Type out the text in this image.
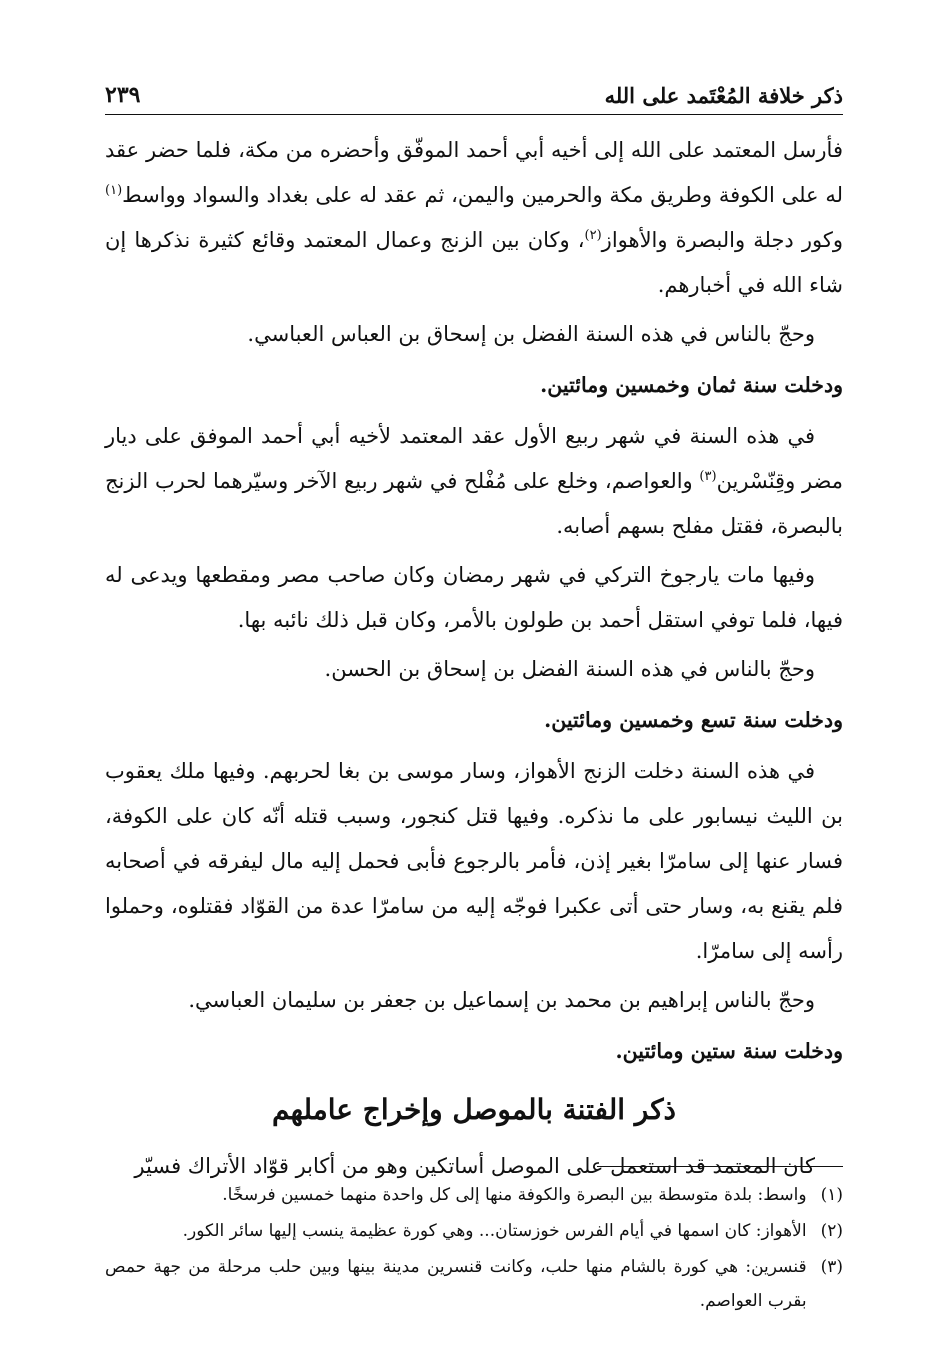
ذكر خلافة المُعْتَمد على الله
٢٣٩

فأرسل المعتمد على الله إلى أخيه أبي أحمد الموفّق وأحضره من مكة، فلما حضر عقد له على الكوفة وطريق مكة والحرمين واليمن، ثم عقد له على بغداد والسواد وواسط$^{(١)}$ وكور دجلة والبصرة والأهواز$^{(٢)}$، وكان بين الزنج وعمال المعتمد وقائع كثيرة نذكرها إن شاء الله في أخبارهم.

وحجّ بالناس في هذه السنة الفضل بن إسحاق بن العباس العباسي.

ودخلت سنة ثمان وخمسين ومائتين.

في هذه السنة في شهر ربيع الأول عقد المعتمد لأخيه أبي أحمد الموفق على ديار مضر وقِنّسْرين$^{(٣)}$ والعواصم، وخلع على مُفْلح في شهر ربيع الآخر وسيّرهما لحرب الزنج بالبصرة، فقتل مفلح بسهم أصابه.

وفيها مات يارجوخ التركي في شهر رمضان وكان صاحب مصر ومقطعها ويدعى له فيها، فلما توفي استقل أحمد بن طولون بالأمر، وكان قبل ذلك نائبه بها.

وحجّ بالناس في هذه السنة الفضل بن إسحاق بن الحسن.

ودخلت سنة تسع وخمسين ومائتين.

في هذه السنة دخلت الزنج الأهواز، وسار موسى بن بغا لحربهم. وفيها ملك يعقوب بن الليث نيسابور على ما نذكره. وفيها قتل كنجور، وسبب قتله أنّه كان على الكوفة، فسار عنها إلى سامرّا بغير إذن، فأمر بالرجوع فأبى فحمل إليه مال ليفرقه في أصحابه فلم يقنع به، وسار حتى أتى عكبرا فوجّه إليه من سامرّا عدة من القوّاد فقتلوه، وحملوا رأسه إلى سامرّا.

وحجّ بالناس إبراهيم بن محمد بن إسماعيل بن جعفر بن سليمان العباسي.

ودخلت سنة ستين ومائتين.

ذكر الفتنة بالموصل وإخراج عاملهم

كان المعتمد قد استعمل على الموصل أساتكين وهو من أكابر قوّاد الأتراك فسيّر

(١)
واسط: بلدة متوسطة بين البصرة والكوفة منها إلى كل واحدة منهما خمسين فرسخًا.
(٢)
الأهواز: كان اسمها في أيام الفرس خوزستان... وهي كورة عظيمة ينسب إليها سائر الكور.
(٣)
قنسرين: هي كورة بالشام منها حلب، وكانت قنسرين مدينة بينها وبين حلب مرحلة من جهة حمص بقرب العواصم.
